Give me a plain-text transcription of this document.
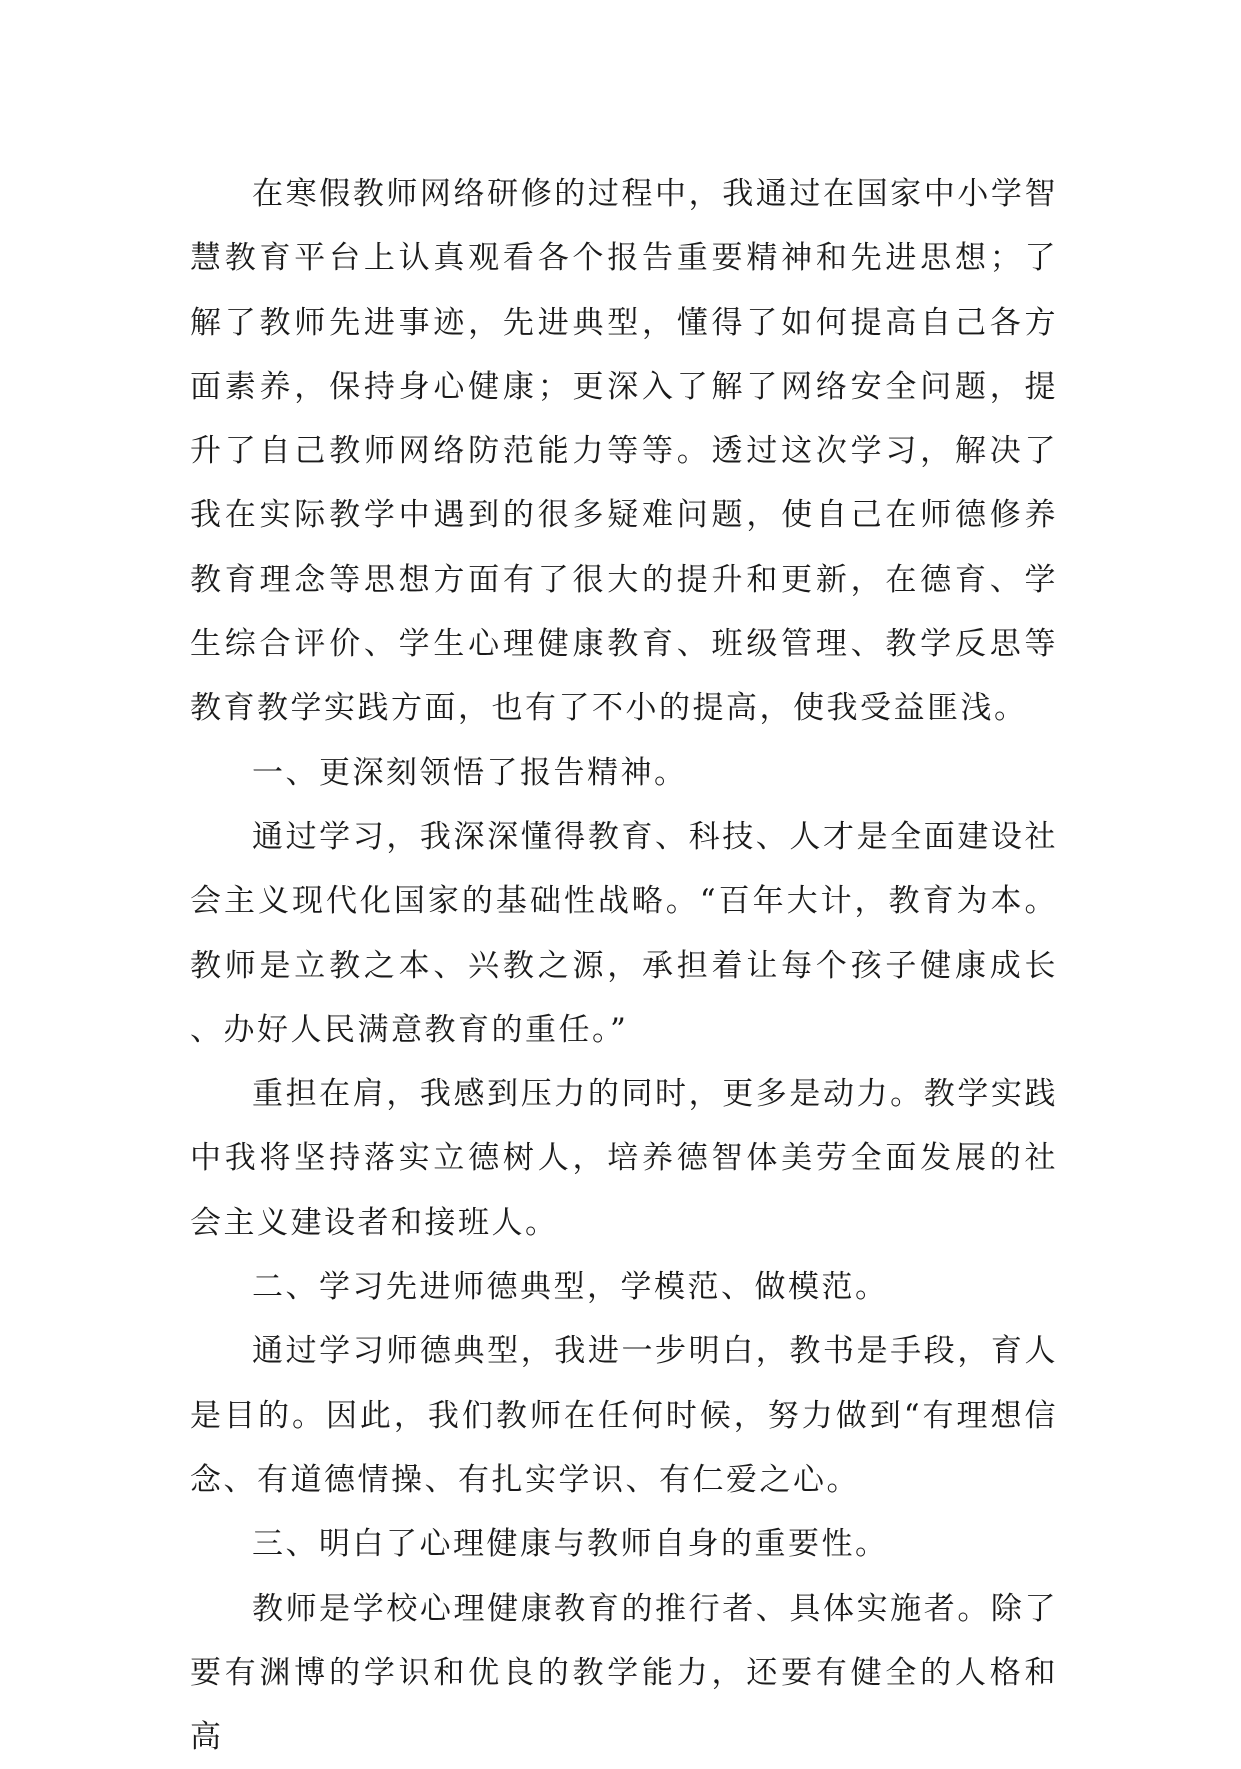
在寒假教师网络研修的过程中，我通过在国家中小学智慧教育平台上认真观看各个报告重要精神和先进思想；了解了教师先进事迹，先进典型，懂得了如何提高自己各方面素养，保持身心健康；更深入了解了网络安全问题，提升了自己教师网络防范能力等等。透过这次学习，解决了我在实际教学中遇到的很多疑难问题，使自己在师德修养教育理念等思想方面有了很大的提升和更新，在德育、学生综合评价、学生心理健康教育、班级管理、教学反思等教育教学实践方面，也有了不小的提高，使我受益匪浅。

一、更深刻领悟了报告精神。

通过学习，我深深懂得教育、科技、人才是全面建设社会主义现代化国家的基础性战略。“百年大计，教育为本。教师是立教之本、兴教之源，承担着让每个孩子健康成长、办好人民满意教育的重任。”

重担在肩，我感到压力的同时，更多是动力。教学实践中我将坚持落实立德树人，培养德智体美劳全面发展的社会主义建设者和接班人。

二、学习先进师德典型，学模范、做模范。

通过学习师德典型，我进一步明白，教书是手段，育人是目的。因此，我们教师在任何时候，努力做到“有理想信念、有道德情操、有扎实学识、有仁爱之心。

三、明白了心理健康与教师自身的重要性。

教师是学校心理健康教育的推行者、具体实施者。除了要有渊博的学识和优良的教学能力，还要有健全的人格和高
